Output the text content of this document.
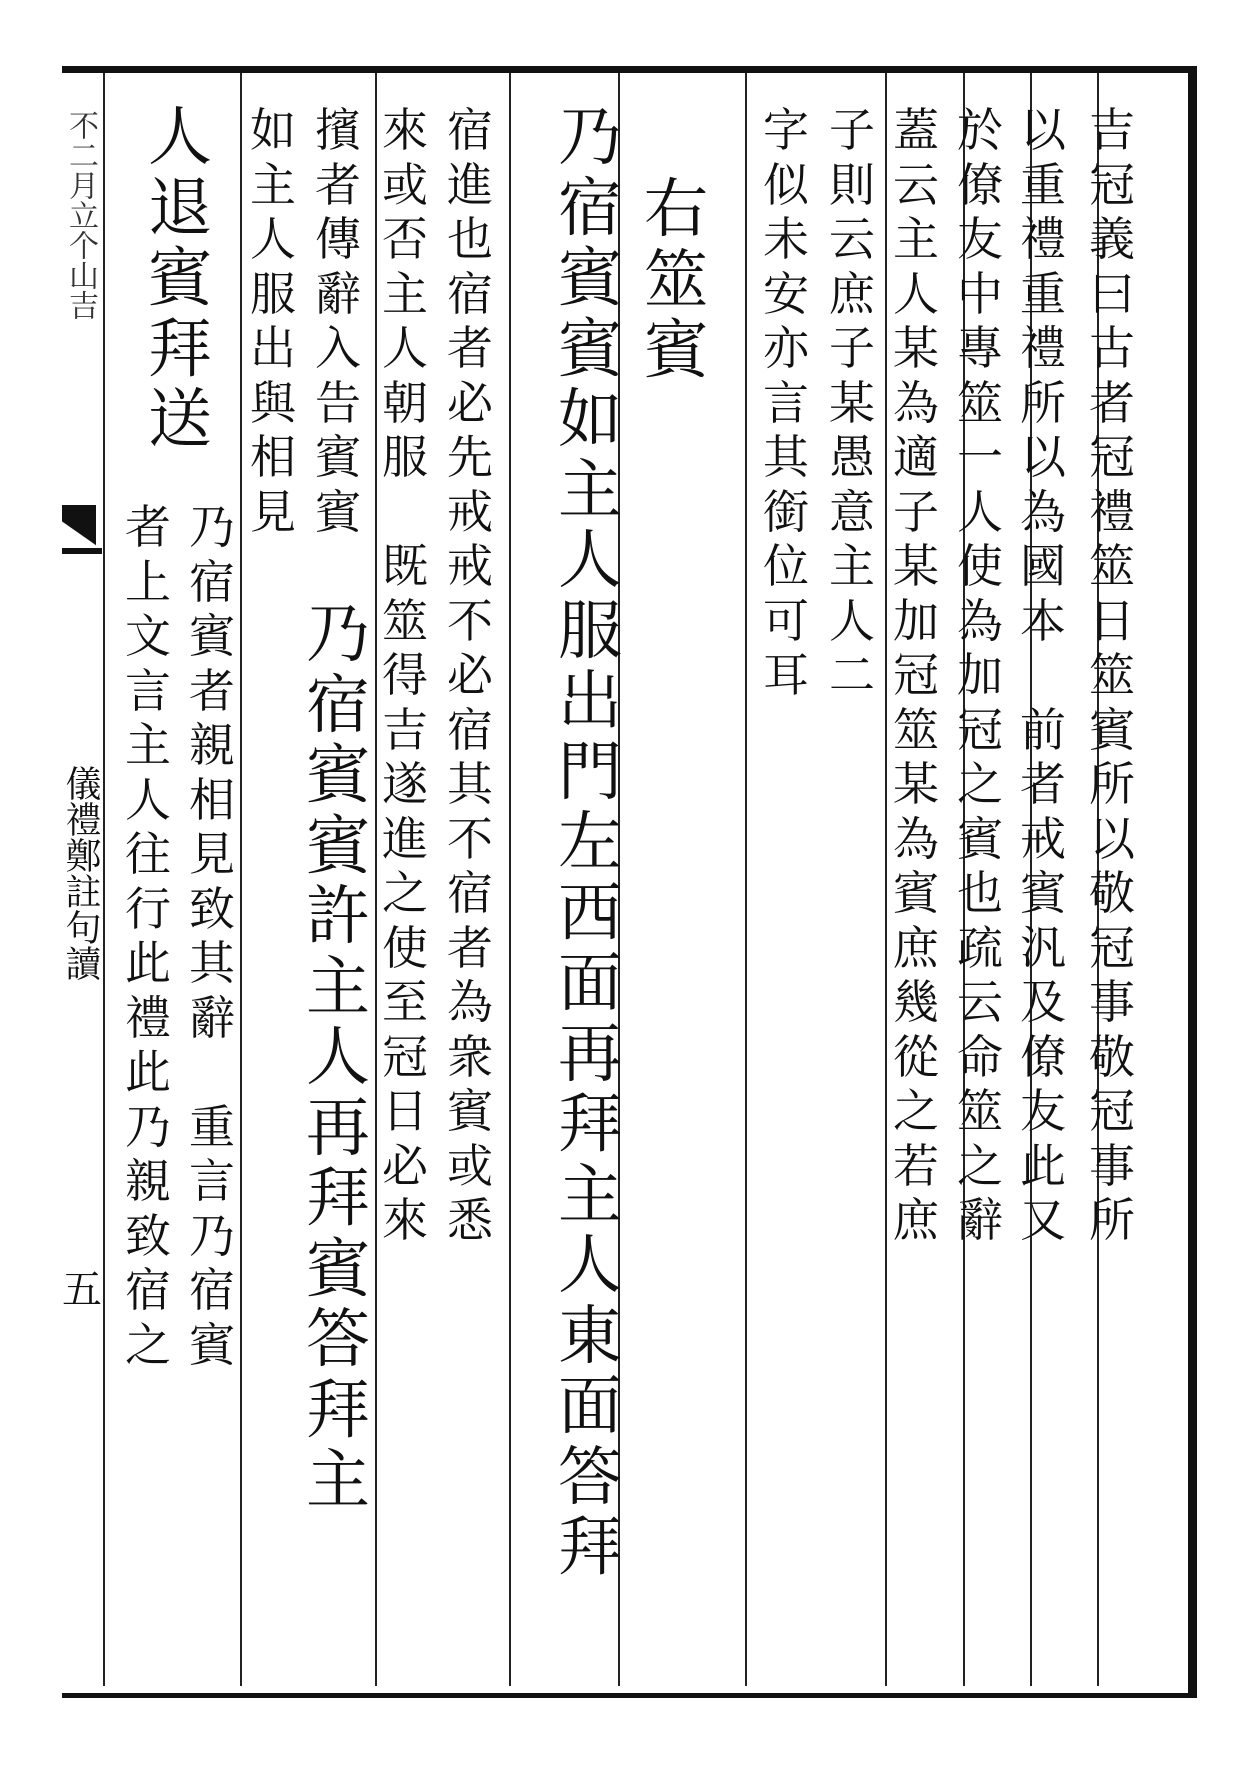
吉
冠
義
曰
古
者
冠
禮
筮
日
筮
賓
所
以
敬
冠
事
敬
冠
事
所
以
重
禮
重
禮
所
以
為
國
本

前
者
戒
賓
汎
及
僚
友
此
又
於
僚
友
中
專
筮
一
人
使
為
加
冠
之
賓
也
疏
云
命
筮
之
辭
蓋
云
主
人
某
為
適
子
某
加
冠
筮
某
為
賓
庶
幾
從
之
若
庶
子
則
云
庶
子
某
愚
意
主
人
二
字
似
未
安
亦
言
其
銜
位
可
耳
右
筮
賓
乃
宿
賓
賓
如
主
人
服
出
門
左
西
面
再
拜
主
人
東
面
答
拜
宿
進
也
宿
者
必
先
戒
戒
不
必
宿
其
不
宿
者
為
衆
賓
或
悉
來
或
否
主
人
朝
服

既
筮
得
吉
遂
進
之
使
至
冠
日
必
來
擯
者
傳
辭
入
告
賓
賓
乃
宿
賓
賓
許
主
人
再
拜
賓
答
拜
主
如
主
人
服
出
與
相
見
人
退
賓
拜
送
乃
宿
賓
者
親
相
見
致
其
辭

重
言
乃
宿
賓
者
上
文
言
主
人
往
行
此
禮
此
乃
親
致
宿
之
不二月立个山吉
儀禮鄭註句讀
五
